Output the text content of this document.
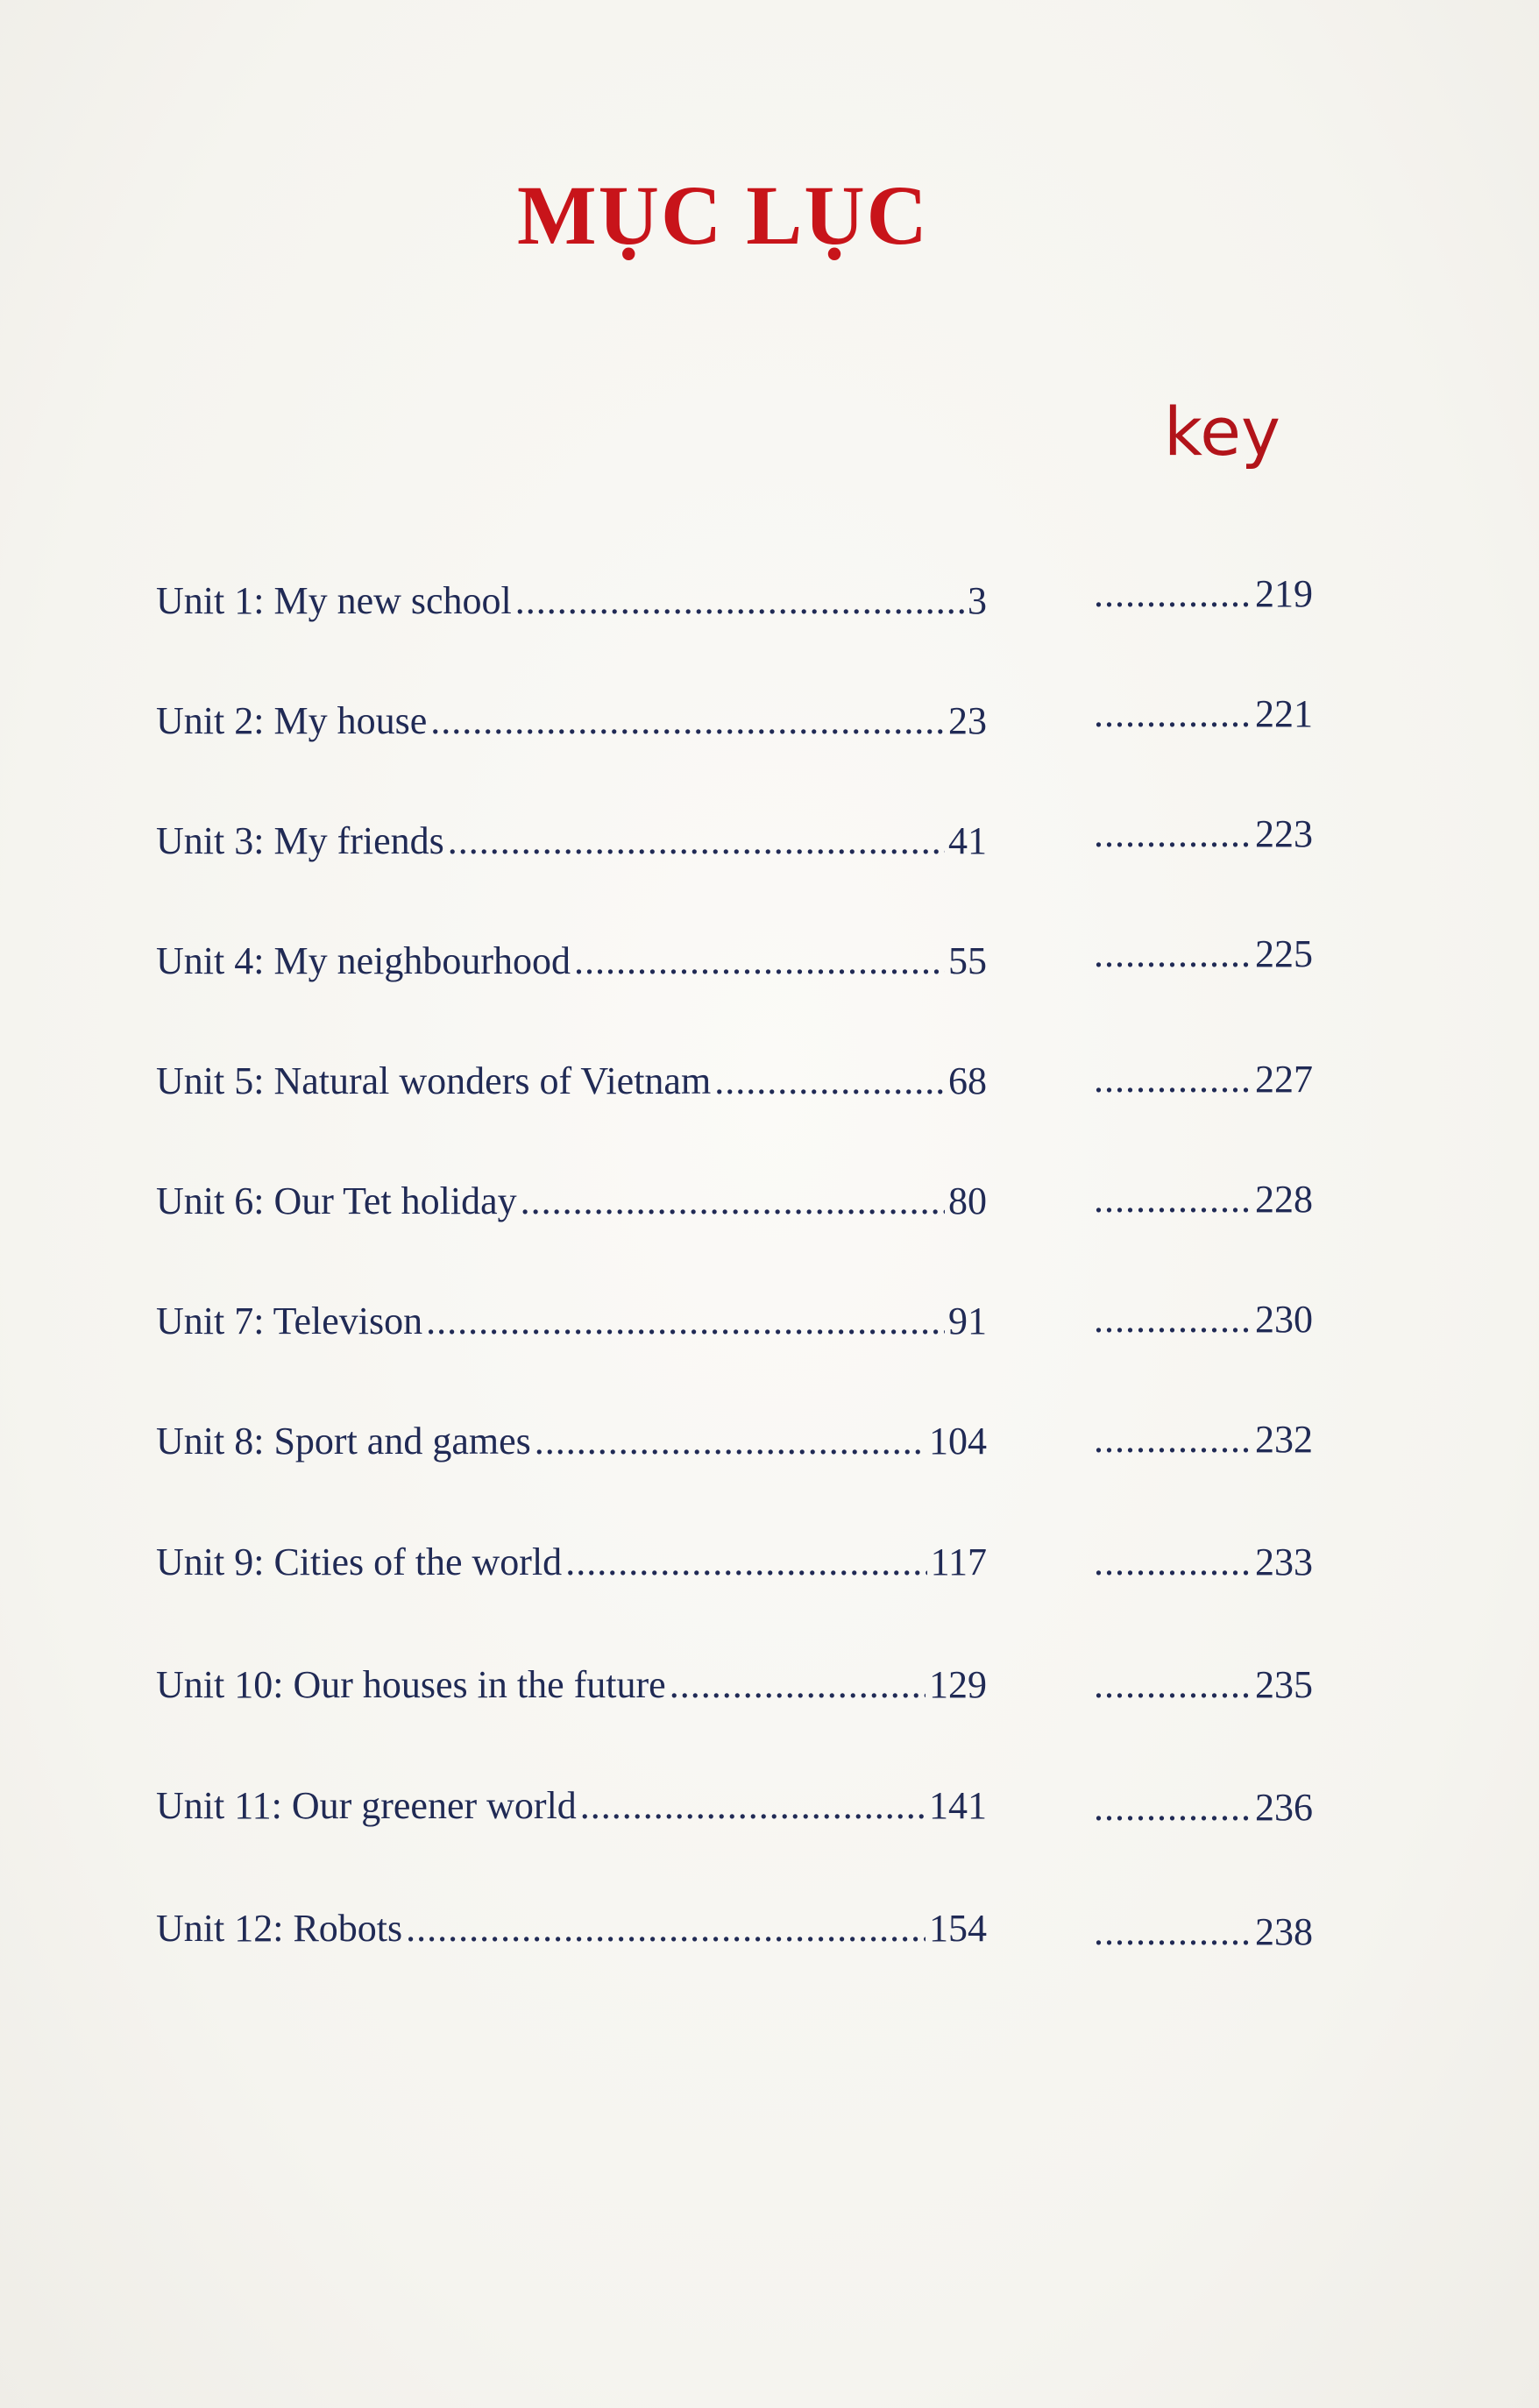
MỤC LỤC
key
Unit 1: My new school .....	3 .....	219
Unit 2: My house .....	23 .....	221
Unit 3: My friends .....	41 .....	223
Unit 4: My neighbourhood .....	55 .....	225
Unit 5: Natural wonders of Vietnam .....	68 .....	227
Unit 6: Our Tet holiday .....	80 .....	228
Unit 7: Televison .....	91 .....	230
Unit 8: Sport and games .....	104 .....	232
Unit 9: Cities of the world .....	117 .....	233
Unit 10: Our houses in the future .....	129 .....	235
Unit 11: Our greener world .....	141 .....	236
Unit 12: Robots .....	154 .....	238
